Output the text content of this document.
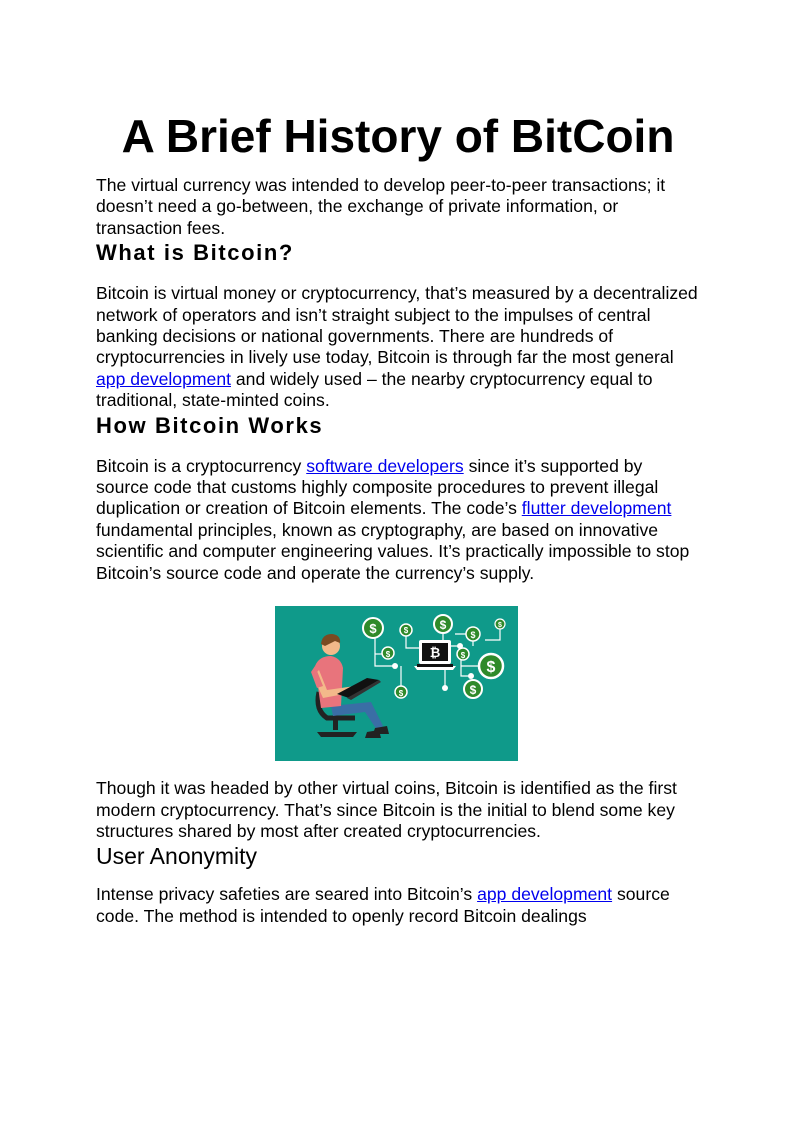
A Brief History of BitCoin

The virtual currency was intended to develop peer-to-peer transactions; it doesn’t need a go-between, the exchange of private information, or transaction fees.

What is Bitcoin?

Bitcoin is virtual money or cryptocurrency, that’s measured by a decentralized network of operators and isn’t straight subject to the impulses of central banking decisions or national governments. There are hundreds of cryptocurrencies in lively use today, Bitcoin is through far the most general app development and widely used – the nearby cryptocurrency equal to traditional, state-minted coins.

How Bitcoin Works

Bitcoin is a cryptocurrency software developers since it’s supported by source code that customs highly composite procedures to prevent illegal duplication or creation of Bitcoin elements. The code’s flutter development fundamental principles, known as cryptography, are based on innovative scientific and computer engineering values. It’s practically impossible to stop Bitcoin’s source code and operate the currency’s supply.

$	$	$
$
$
$	$
$
$
$
₿

Though it was headed by other virtual coins, Bitcoin is identified as the first modern cryptocurrency. That’s since Bitcoin is the initial to blend some key structures shared by most after created cryptocurrencies.

User Anonymity

Intense privacy safeties are seared into Bitcoin’s app development source code. The method is intended to openly record Bitcoin dealings
